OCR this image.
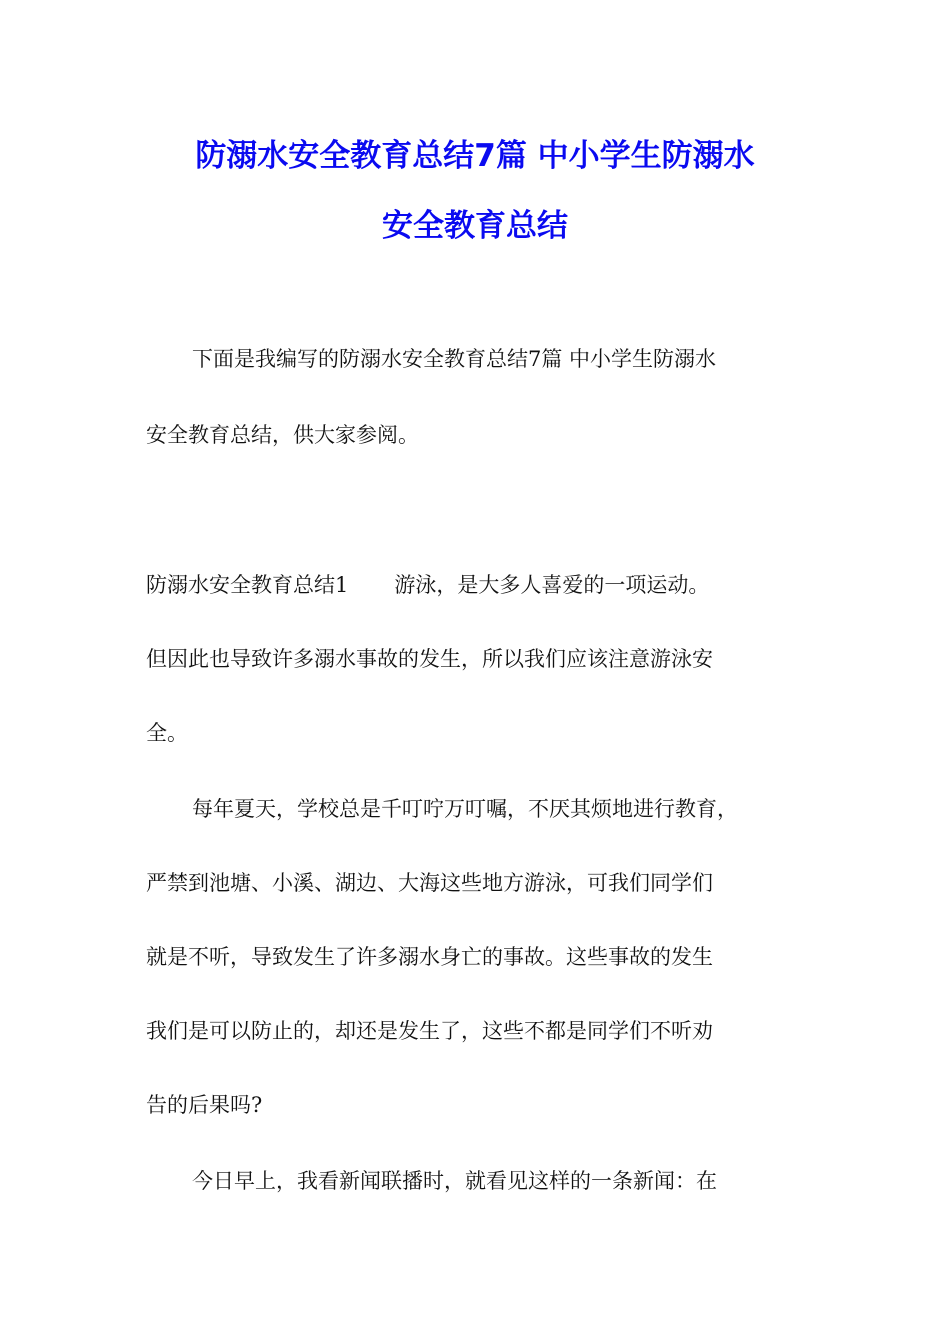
防溺水安全教育总结7篇 中小学生防溺水
安全教育总结
下面是我编写的防溺水安全教育总结7篇 中小学生防溺水
安全教育总结，供大家参阅。
防溺水安全教育总结1 游泳，是大多人喜爱的一项运动。
但因此也导致许多溺水事故的发生，所以我们应该注意游泳安
全。
每年夏天，学校总是千叮咛万叮嘱，不厌其烦地进行教育，
严禁到池塘、小溪、湖边、大海这些地方游泳，可我们同学们
就是不听，导致发生了许多溺水身亡的事故。这些事故的发生
我们是可以防止的，却还是发生了，这些不都是同学们不听劝
告的后果吗?
今日早上，我看新闻联播时，就看见这样的一条新闻：在
